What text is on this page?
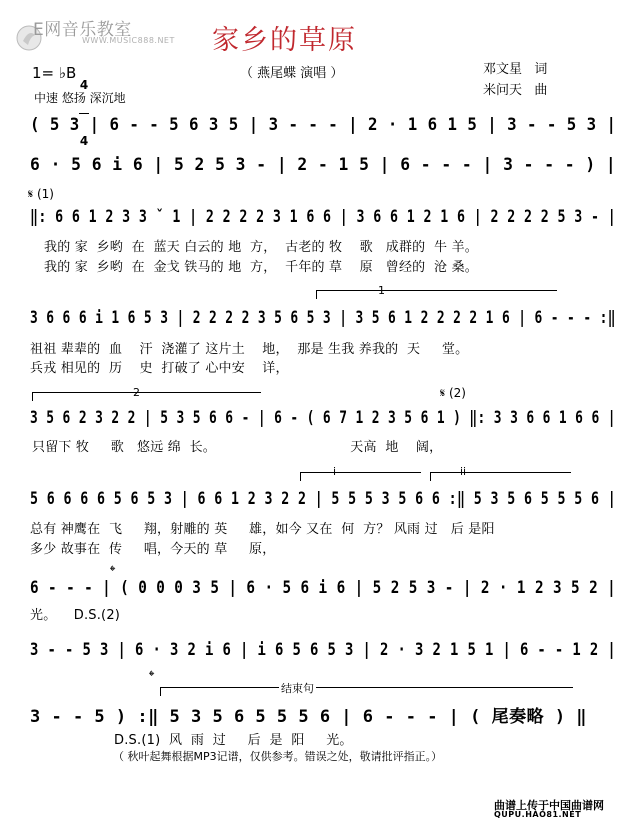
E网音乐教室
WWW.MUSIC888.NET 家乡的草原
（ 燕尾蝶 演唱 ）	邓文星   词
米问天   曲
1= ♭B

4

4

中速 悠扬 深沉地
( 5 3 | 6 - - 5 6 3 5 | 3 - - - | 2 · 1 6 1 5 | 3 - - 5 3 |
6 · 5 6 i 6 | 5 2 5 3 - | 2 - 1 5 | 6 - - - | 3 - - - ) |
𝄋 (1)
‖: 6 6 1 2 3 3 ˇ 1 | 2 2 2 2 3 1 6 6 | 3 6 6 1 2 1 6 | 2 2 2 2 5 3 - |
我的 家  乡哟  在  蓝天 白云的 地  方，  古老的 牧    歌   成群的  牛 羊。
我的 家  乡哟  在  金戈 铁马的 地  方，  千年的 草    原   曾经的  沧 桑。
1
3 6 6 6 i 1 6 5 3 | 2 2 2 2 3 5 6 5 3 | 3 5 6 1 2 2 2 2 1 6 | 6 - - - :‖
祖祖 辈辈的  血    汗  浇灌了 这片土    地，  那是 生我 养我的  天     堂。
兵戎 相见的  历    史  打破了 心中安    详，
2	𝄋 (2)
3 5 6 2 3 2 2 | 5 3 5 6 6 - | 6 - ( 6 7 1 2 3 5 6 1 ) ‖: 3 3 6 6 1 6 6 |
只留下 牧     歌   悠远 绵  长。                               天高  地    阔，
i	ii
5 6 6 6 6 5 6 5 3 | 6 6 1 2 3 2 2 | 5 5 5 3 5 6 6 :‖ 5 3 5 6 5 5 5 6 |
总有 神鹰在  飞     翔，射雕的 英     雄，如今 又在  何  方？ 风雨 过   后 是阳
多少 故事在  传     唱，今天的 草     原，
𝄌
6 - - - | ( 0 0 0 3 5 | 6 · 5 6 i 6 | 5 2 5 3 - | 2 · 1 2 3 5 2 |
光。    D.S.(2)
3 - - 5 3 | 6 · 3 2 i 6 | i 6 5 6 5 3 | 2 · 3 2 1 5 1 | 6 - - 1 2 |
𝄌
结束句
3 - - 5 ) :‖ 5 3 5 6 5 5 5 6 | 6 - - - | ( 尾奏略 ) ‖
D.S.(1)  风  雨  过     后  是  阳     光。
（ 秋叶起舞根据MP3记谱，仅供参考。错误之处，敬请批评指正。）
曲谱上传于中国曲谱网
QUPU.HAO81.NET
